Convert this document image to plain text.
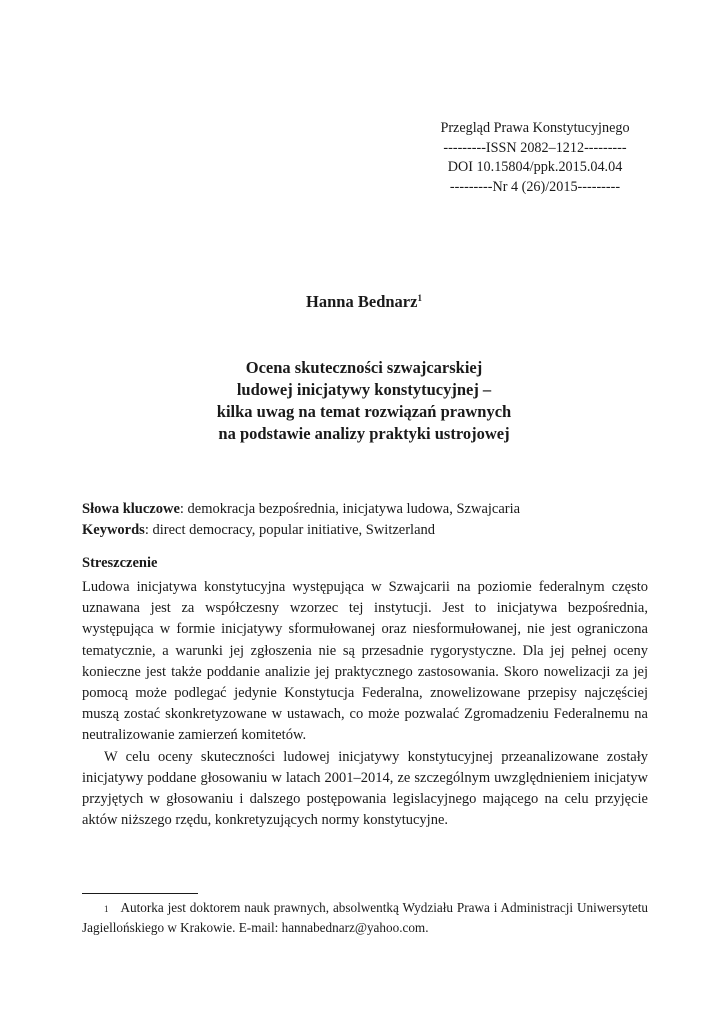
Przegląd Prawa Konstytucyjnego
---------ISSN 2082–1212---------
DOI 10.15804/ppk.2015.04.04
---------Nr 4 (26)/2015---------
Hanna Bednarz$^1$
Ocena skuteczności szwajcarskiej
ludowej inicjatywy konstytucyjnej –
kilka uwag na temat rozwiązań prawnych
na podstawie analizy praktyki ustrojowej
Słowa kluczowe: demokracja bezpośrednia, inicjatywa ludowa, Szwajcaria
Keywords: direct democracy, popular initiative, Switzerland
Streszczenie

Ludowa inicjatywa konstytucyjna występująca w Szwajcarii na poziomie federalnym często uznawana jest za współczesny wzorzec tej instytucji. Jest to inicjatywa bezpośrednia, występująca w formie inicjatywy sformułowanej oraz niesformułowanej, nie jest ograniczona tematycznie, a warunki jej zgłoszenia nie są przesadnie rygorystyczne. Dla jej pełnej oceny konieczne jest także poddanie analizie jej praktycznego zastosowania. Skoro nowelizacji za jej pomocą może podlegać jedynie Konstytucja Federalna, znowelizowane przepisy najczęściej muszą zostać skonkretyzowane w ustawach, co może pozwalać Zgromadzeniu Federalnemu na neutralizowanie zamierzeń komitetów.

W celu oceny skuteczności ludowej inicjatywy konstytucyjnej przeanalizowane zostały inicjatywy poddane głosowaniu w latach 2001–2014, ze szczególnym uwzględnieniem inicjatyw przyjętych w głosowaniu i dalszego postępowania legislacyjnego mającego na celu przyjęcie aktów niższego rzędu, konkretyzujących normy konstytucyjne.

$^1$ Autorka jest doktorem nauk prawnych, absolwentką Wydziału Prawa i Administracji Uniwersytetu Jagiellońskiego w Krakowie. E-mail: hannabednarz@yahoo.com.
